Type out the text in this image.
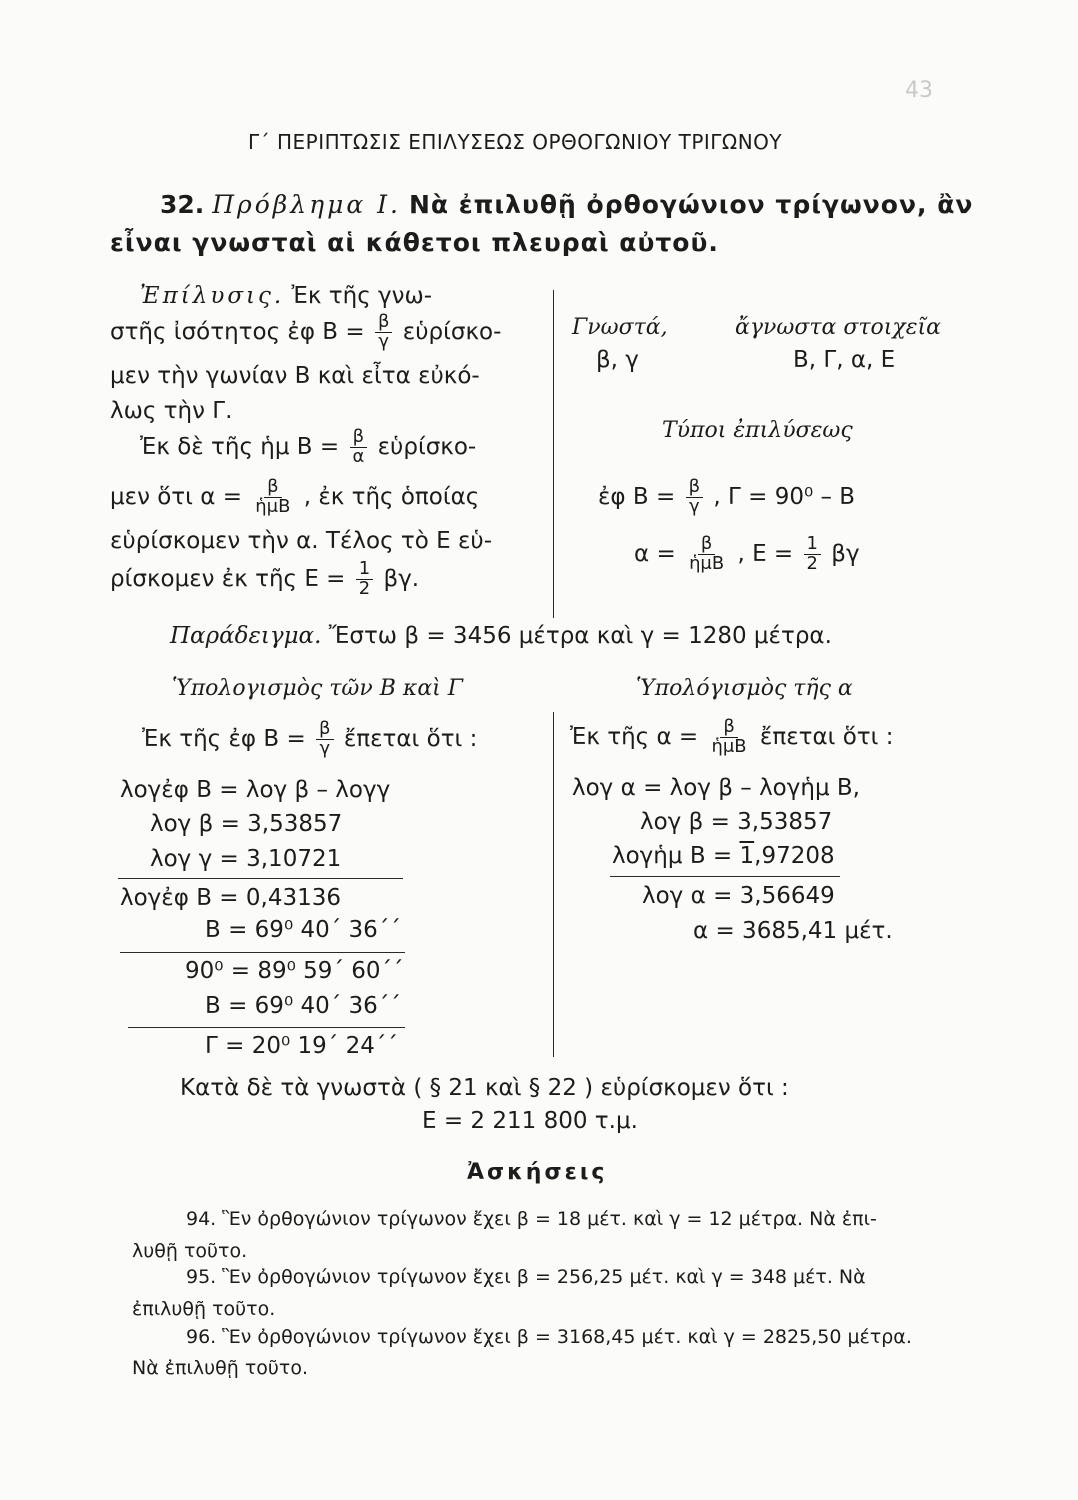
43
Γ΄ ΠΕΡΙΠΤΩΣΙΣ ΕΠΙΛΥΣΕΩΣ ΟΡΘΟΓΩΝΙΟΥ ΤΡΙΓΩΝΟΥ
32. Πρόβλημα Ι. Νὰ ἐπιλυθῇ ὀρθογώνιον τρίγωνον, ἂν
εἶναι γνωσταὶ αἱ κάθετοι πλευραὶ αὐτοῦ.
Ἐπίλυσις. Ἐκ τῆς γνω-
στῆς ἰσότητος ἐφ $B = \frac{\beta}{\gamma}$ εὑρίσκο-
μεν τὴν γωνίαν Β καὶ εἶτα εὐκό-
λως τὴν Γ.
Ἐκ δὲ τῆς ἡμ $B = \frac{\beta}{\alpha}$ εὑρίσκο-
μεν ὅτι $\alpha = \frac{\beta}{\text{ἡμΒ}}$ , ἐκ τῆς ὁποίας
εὑρίσκομεν τὴν α. Τέλος τὸ Ε εὑ-
ρίσκομεν ἐκ τῆς $E = \frac{1}{2} \beta\gamma$.
Γνωστά,	ἄγνωστα στοιχεῖα
β, γ	Β, Γ, α, Ε
Τύποι ἐπιλύσεως
ἐφ $B = \frac{\beta}{\gamma}$ , Γ = 90⁰ – Β
$\alpha = \frac{\beta}{\text{ἡμΒ}}$ , $E = \frac{1}{2}$ βγ
Παράδειγμα. Ἔστω β = 3456 μέτρα καὶ γ = 1280 μέτρα.
Ὑπολογισμὸς τῶν Β καὶ Γ	Ὑπολόγισμὸς τῆς α
Ἐκ τῆς ἐφ $B = \frac{\beta}{\gamma}$ ἔπεται ὅτι :
λογἐφ Β = λογ β – λογγ
λογ β = 3,53857
λογ γ = 3,10721
λογἐφ Β = 0,43136
Β = 69⁰ 40΄ 36΄΄
90⁰ = 89⁰ 59΄ 60΄΄
Β = 69⁰ 40΄ 36΄΄
Γ = 20⁰ 19΄ 24΄΄
Ἐκ τῆς $\alpha = \frac{\beta}{\text{ἡμΒ}}$ ἔπεται ὅτι :
λογ α = λογ β – λογἡμ Β,
λογ β = 3,53857
λογἡμ Β = 1,97208
λογ α = 3,56649
α = 3685,41 μέτ.
Κατὰ δὲ τὰ γνωστὰ ( § 21 καὶ § 22 ) εὑρίσκομεν ὅτι :
Ε = 2 211 800 τ.μ.
Ἀσκήσεις
94. Ἓν ὀρθογώνιον τρίγωνον ἔχει β = 18 μέτ. καὶ γ = 12 μέτρα. Νὰ ἐπι-
λυθῇ τοῦτο.
95. Ἓν ὀρθογώνιον τρίγωνον ἔχει β = 256,25 μέτ. καὶ γ = 348 μέτ. Νὰ
ἐπιλυθῇ τοῦτο.
96. Ἓν ὀρθογώνιον τρίγωνον ἔχει β = 3168,45 μέτ. καὶ γ = 2825,50 μέτρα.
Νὰ ἐπιλυθῇ τοῦτο.
